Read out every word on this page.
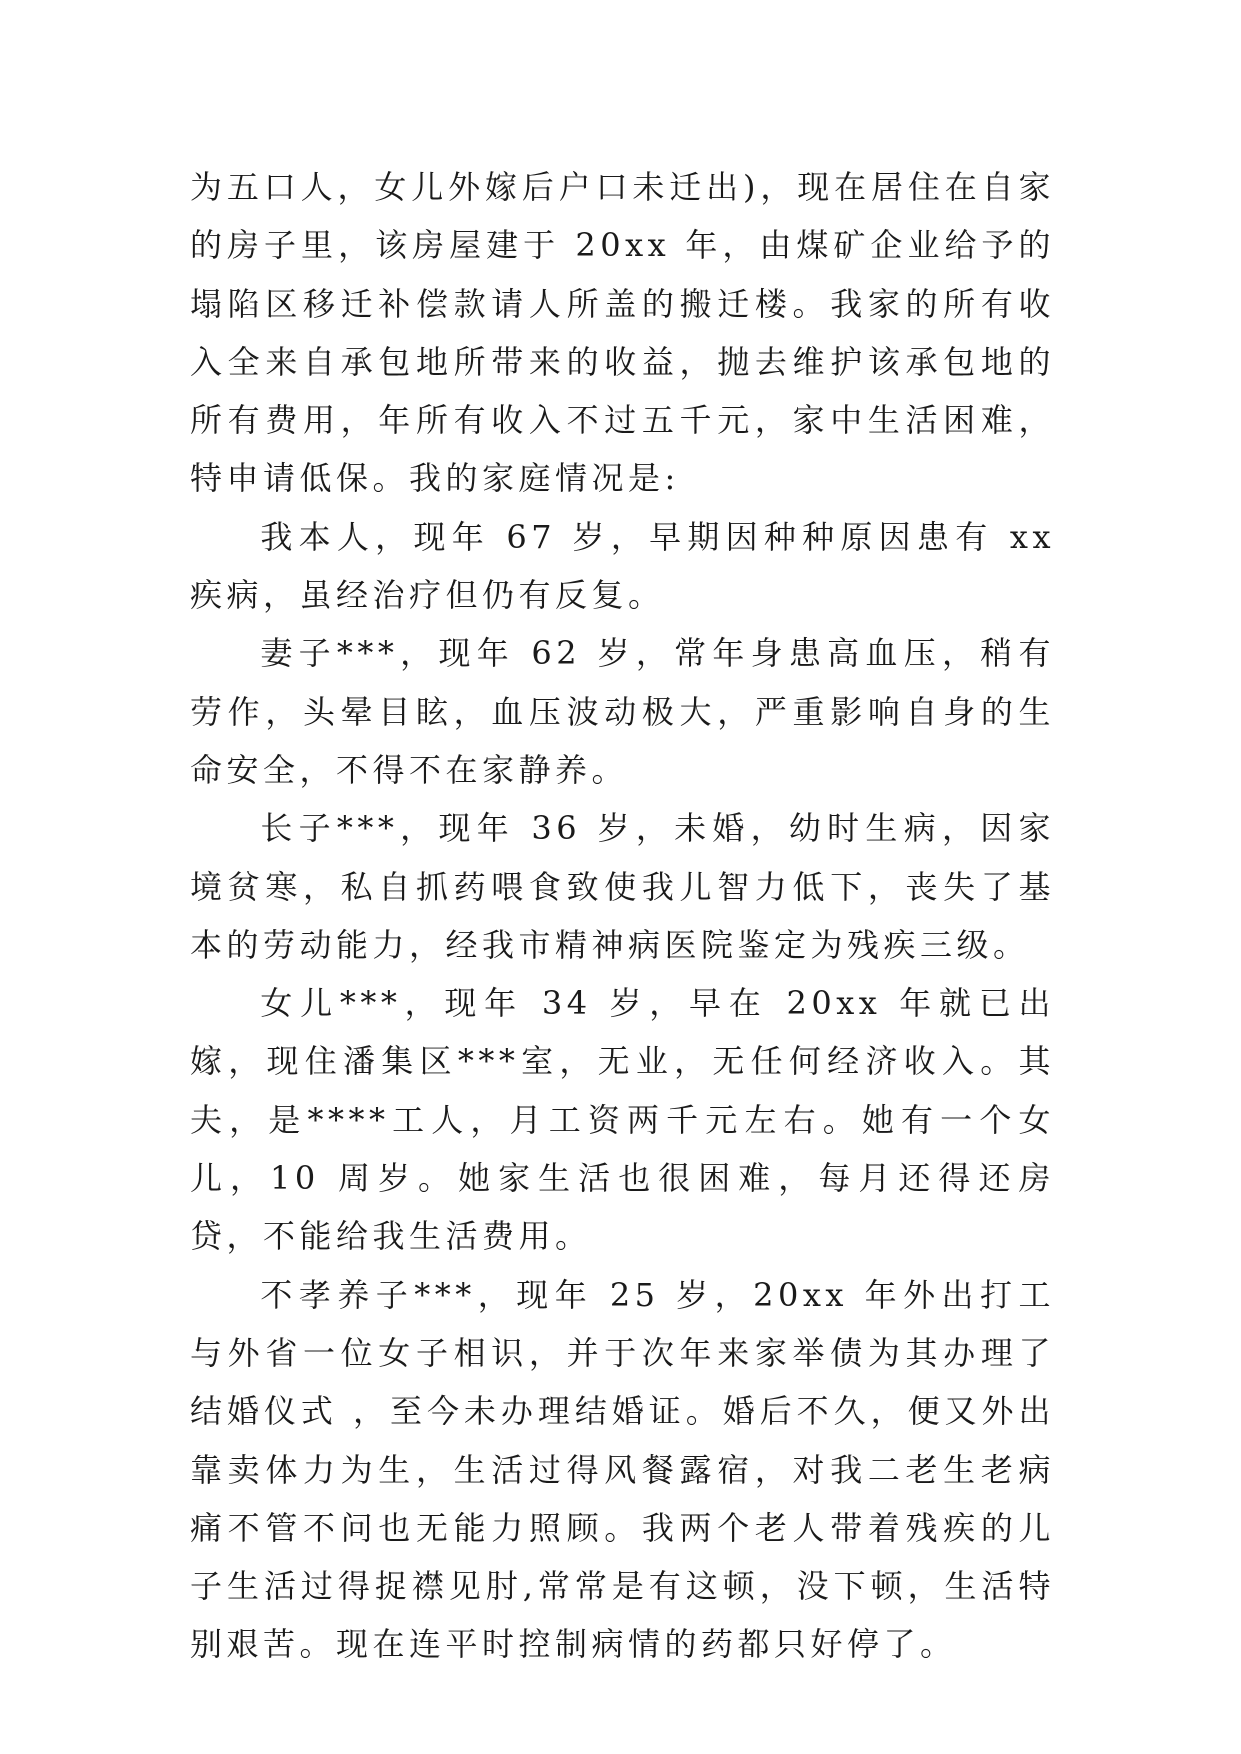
为五口人，女儿外嫁后户口未迁出)，现在居住在自家的房子里，该房屋建于 20xx 年，由煤矿企业给予的塌陷区移迁补偿款请人所盖的搬迁楼。我家的所有收入全来自承包地所带来的收益，抛去维护该承包地的所有费用，年所有收入不过五千元，家中生活困难，特申请低保。我的家庭情况是:

我本人，现年 67 岁，早期因种种原因患有 xx 疾病，虽经治疗但仍有反复。

妻子***，现年 62 岁，常年身患高血压，稍有劳作，头晕目眩，血压波动极大，严重影响自身的生命安全，不得不在家静养。

长子***，现年 36 岁，未婚，幼时生病，因家境贫寒，私自抓药喂食致使我儿智力低下，丧失了基本的劳动能力，经我市精神病医院鉴定为残疾三级。

女儿***，现年 34 岁，早在 20xx 年就已出嫁，现住潘集区***室，无业，无任何经济收入。其夫，是****工人，月工资两千元左右。她有一个女儿，10 周岁。她家生活也很困难，每月还得还房贷，不能给我生活费用。

不孝养子***，现年 25 岁，20xx 年外出打工与外省一位女子相识，并于次年来家举债为其办理了结婚仪式 ，至今未办理结婚证。婚后不久，便又外出靠卖体力为生，生活过得风餐露宿，对我二老生老病痛不管不问也无能力照顾。我两个老人带着残疾的儿子生活过得捉襟见肘,常常是有这顿，没下顿，生活特别艰苦。现在连平时控制病情的药都只好停了。
